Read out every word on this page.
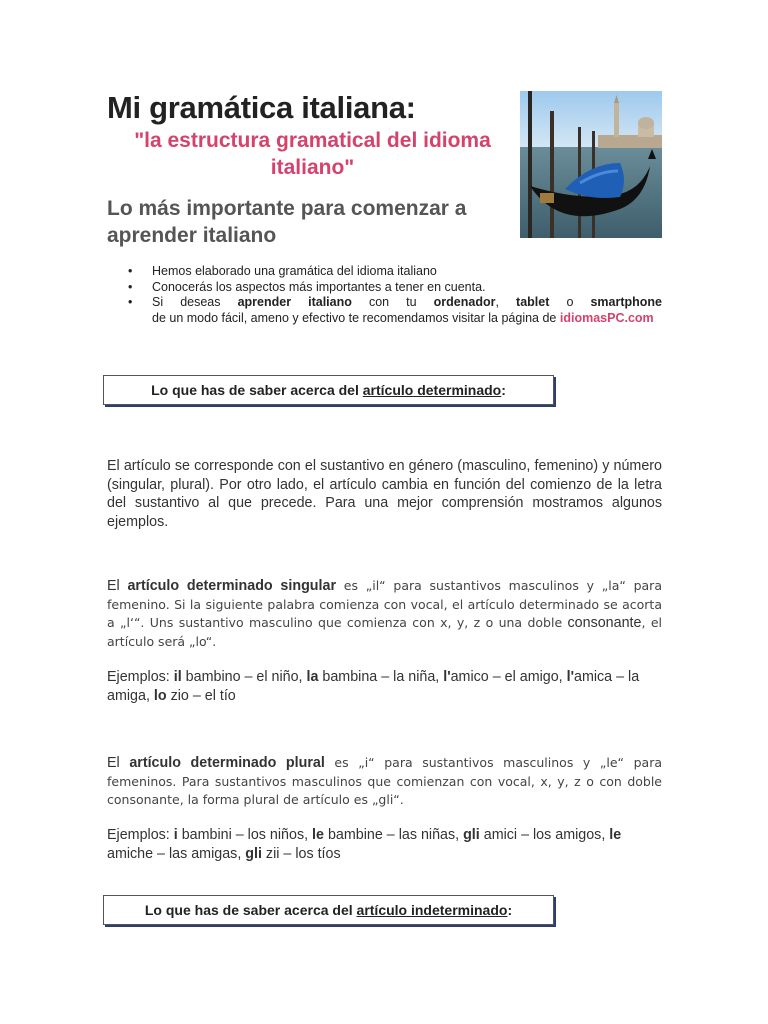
Mi gramática italiana:

"la estructura gramatical del idioma italiano"

Lo más importante para comenzar a aprender italiano

• Hemos elaborado una gramática del idioma italiano
• Conocerás los aspectos más importantes a tener en cuenta.
• Si deseas aprender italiano con tu ordenador, tablet o smartphone
de un modo fácil, ameno y efectivo te recomendamos visitar la página de idiomasPC.com
Lo que has de saber acerca del
artículo determinado :

El artículo se corresponde con el sustantivo en género (masculino, femenino) y número (singular, plural). Por otro lado, el artículo cambia en función del comienzo de la letra del sustantivo al que precede. Para una mejor comprensión mostramos algunos ejemplos.

El artículo determinado singular es „il“ para sustantivos masculinos y „la“ para femenino. Si la siguiente palabra comienza con vocal, el artículo determinado se acorta a „l‘“. Uns sustantivo masculino que comienza con x, y, z o una doble consonante, el artículo será „lo“.

Ejemplos: il bambino – el niño, la bambina – la niña, l'amico – el amigo, l'amica – la amiga, lo zio – el tío

El artículo determinado plural es „i“ para sustantivos masculinos y „le“ para femeninos. Para sustantivos masculinos que comienzan con vocal, x, y, z o con doble consonante, la forma plural de artículo es „gli“.

Ejemplos: i bambini – los niños, le bambine – las niñas, gli amici – los amigos, le amiche – las amigas, gli zii – los tíos

Lo que has de saber acerca del
artículo indeterminado :
